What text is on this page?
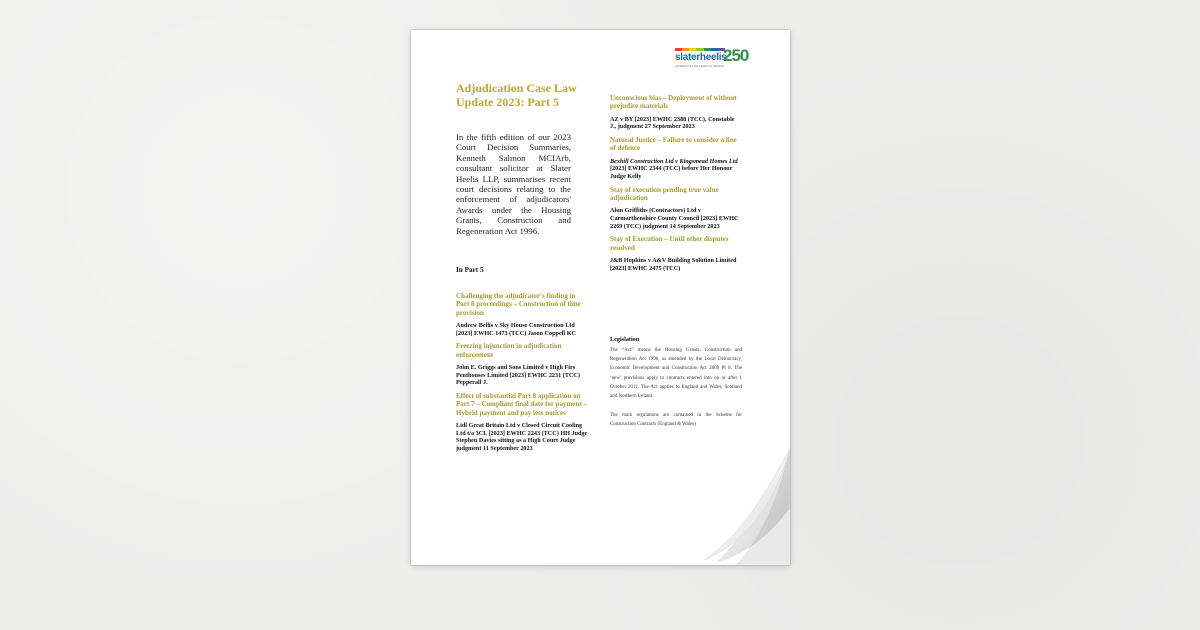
slaterheelis
CELEBRATING 250 YEARS OF SERVICE
250
Adjudication Case Law Update 2023: Part 5

In the fifth edition of our 2023 Court Decision Summaries, Kenneth Salmon MCIArb, consultant solicitor at Slater Heelis LLP, summarises recent court decisions relating to the enforcement of adjudicators' Awards under the Housing Grants, Construction and Regeneration Act 1996.

In Part 5

Challenging the adjudicator's finding in Part 8 proceedings – Construction of time provision

Andrew Bellis v Sky House Construction Ltd [2023] EWHC 1473 (TCC) Jason Coppell KC

Freezing injunction in adjudication enforcement

John E. Griggs and Sons Limited v High Firs Penthouses Limited [2023] EWHC 2231 (TCC) Pepperall J.

Effect of substantial Part 8 application on Part 7 – Compliant final date for payment – Hybrid payment and pay less notices

Lidl Great Britain Ltd v Closed Circuit Cooling Ltd t/a 3CL [2023] EWHC 2243 (TCC) HH Judge Stephen Davies sitting as a High Court Judge judgment 11 September 2023

Unconscious bias – Deployment of without prejudice materials

AZ v BY [2023] EWHC 2388 (TCC), Constable J., judgment 27 September 2023

Natural Justice – Failure to consider a line of defence

Bexhill Construction Ltd v Kingsmead Homes Ltd [2023] EWHC 2344 (TCC) before Her Honour Judge Kelly

Stay of execution pending true value adjudication

Alun Griffiths (Contractors) Ltd v Carmarthenshire County Council [2023] EWHC 2269 (TCC) judgment 14 September 2023

Stay of Execution – Until other disputes resolved

J&B Hopkins v A&V Building Solution Limited [2023] EWHC 2475 (TCC)

Legislation

The “Act” means the Housing Grants, Construction and Regeneration Act 1996, as amended by the Local Democracy, Economic Development and Construction Act 2009 Pt 8. The ‘new’ provisions apply to contracts entered into on or after 1 October 2011. The Act applies to England and Wales, Scotland and Northern Ireland.

The main regulations are contained in the Scheme for Construction Contracts (England & Wales)
